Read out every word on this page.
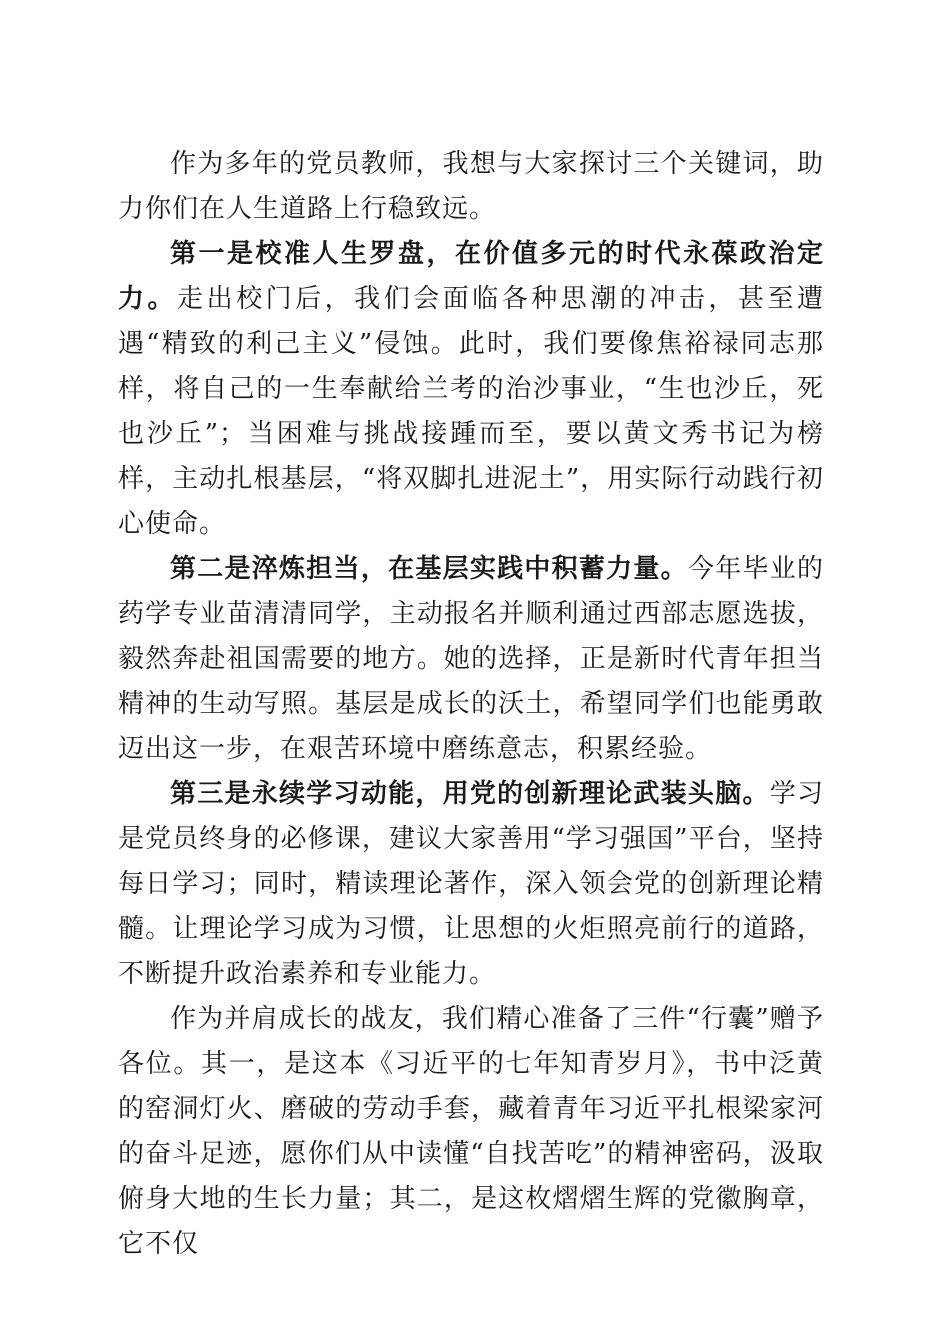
作为多年的党员教师，我想与大家探讨三个关键词，助力你们在人生道路上行稳致远。

第一是校准人生罗盘，在价值多元的时代永葆政治定力。走出校门后，我们会面临各种思潮的冲击，甚至遭遇“精致的利己主义”侵蚀。此时，我们要像焦裕禄同志那样，将自己的一生奉献给兰考的治沙事业，“生也沙丘，死也沙丘”；当困难与挑战接踵而至，要以黄文秀书记为榜样，主动扎根基层，“将双脚扎进泥土”，用实际行动践行初心使命。

第二是淬炼担当，在基层实践中积蓄力量。今年毕业的药学专业苗清清同学，主动报名并顺利通过西部志愿选拔，毅然奔赴祖国需要的地方。她的选择，正是新时代青年担当精神的生动写照。基层是成长的沃土，希望同学们也能勇敢迈出这一步，在艰苦环境中磨练意志，积累经验。

第三是永续学习动能，用党的创新理论武装头脑。学习是党员终身的必修课，建议大家善用“学习强国”平台，坚持每日学习；同时，精读理论著作，深入领会党的创新理论精髓。让理论学习成为习惯，让思想的火炬照亮前行的道路，不断提升政治素养和专业能力。

作为并肩成长的战友，我们精心准备了三件“行囊”赠予各位。其一，是这本《习近平的七年知青岁月》，书中泛黄的窑洞灯火、磨破的劳动手套，藏着青年习近平扎根梁家河的奋斗足迹，愿你们从中读懂“自找苦吃”的精神密码，汲取俯身大地的生长力量；其二，是这枚熠熠生辉的党徽胸章，它不仅
